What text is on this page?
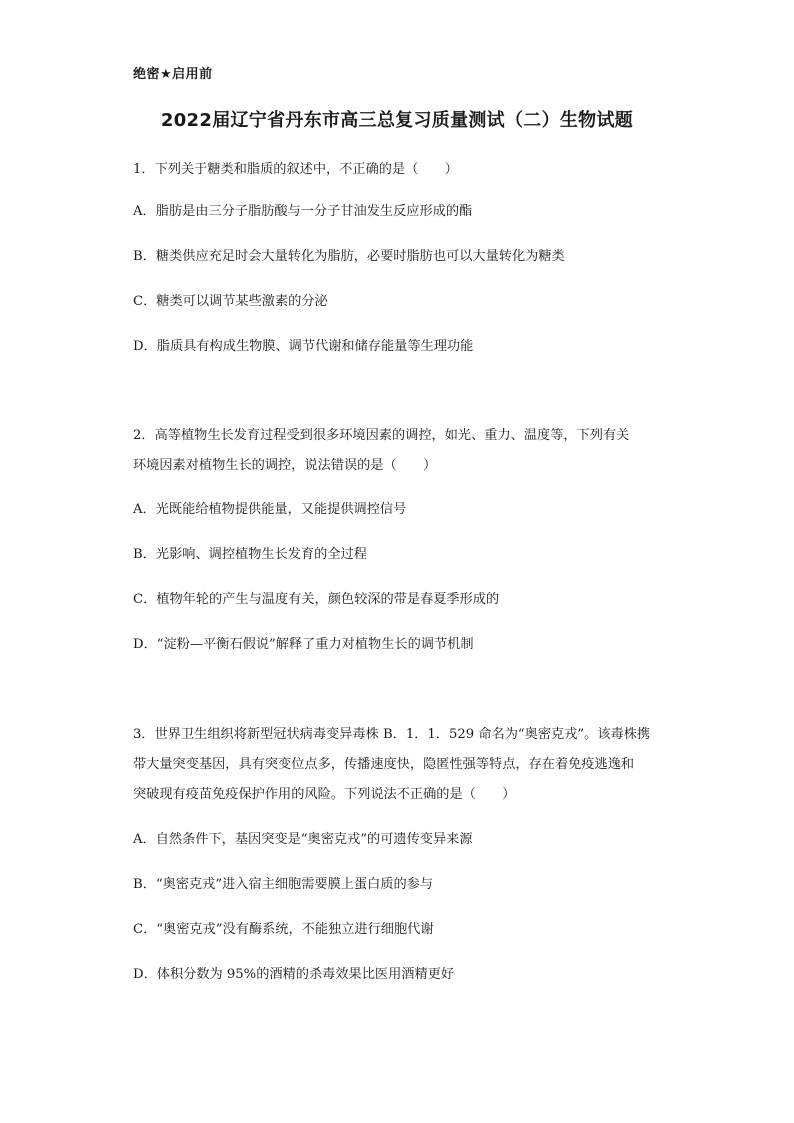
绝密★启用前
2022届辽宁省丹东市高三总复习质量测试（二）生物试题
1．下列关于糖类和脂质的叙述中，不正确的是（　　）
A．脂肪是由三分子脂肪酸与一分子甘油发生反应形成的酯
B．糖类供应充足时会大量转化为脂肪，必要时脂肪也可以大量转化为糖类
C．糖类可以调节某些激素的分泌
D．脂质具有构成生物膜、调节代谢和储存能量等生理功能
2．高等植物生长发育过程受到很多环境因素的调控，如光、重力、温度等，下列有关
环境因素对植物生长的调控，说法错误的是（　　）
A．光既能给植物提供能量，又能提供调控信号
B．光影响、调控植物生长发育的全过程
C．植物年轮的产生与温度有关，颜色较深的带是春夏季形成的
D．“淀粉—平衡石假说”解释了重力对植物生长的调节机制
3．世界卫生组织将新型冠状病毒变异毒株 B．1．1．529 命名为“奥密克戎”。该毒株携
带大量突变基因，具有突变位点多，传播速度快，隐匿性强等特点，存在着免疫逃逸和
突破现有疫苗免疫保护作用的风险。下列说法不正确的是（　　）
A．自然条件下，基因突变是“奥密克戎”的可遗传变异来源
B．“奥密克戎”进入宿主细胞需要膜上蛋白质的参与
C．“奥密克戎”没有酶系统，不能独立进行细胞代谢
D．体积分数为 95%的酒精的杀毒效果比医用酒精更好
